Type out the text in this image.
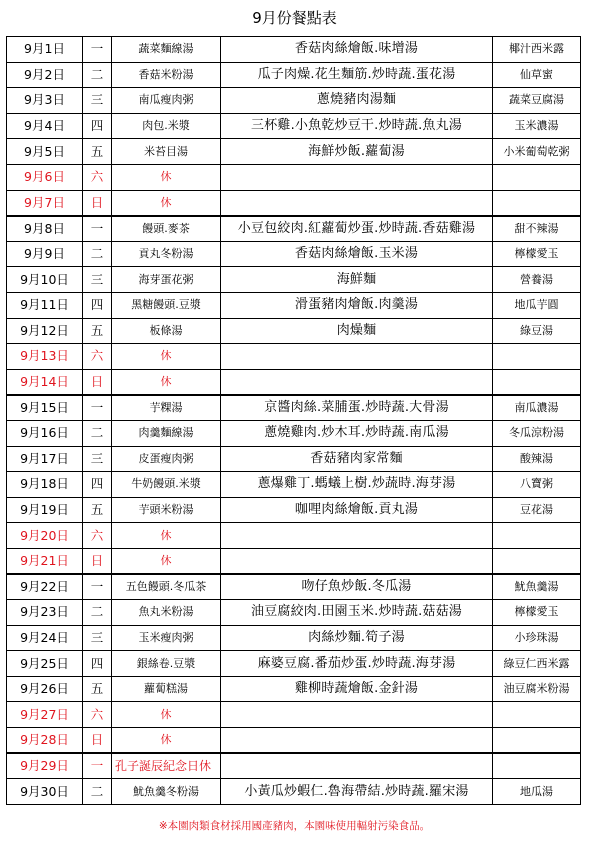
9月份餐點表
9月1日	一	蔬菜麵線湯	香菇肉絲燴飯.味增湯	椰汁西米露
9月2日	二	香菇米粉湯	瓜子肉燥.花生麵筋.炒時蔬.蛋花湯	仙草蜜
9月3日	三	南瓜瘦肉粥	蔥燒豬肉湯麵	蔬菜豆腐湯
9月4日	四	肉包.米漿	三杯雞.小魚乾炒豆干.炒時蔬.魚丸湯	玉米濃湯
9月5日	五	米苔目湯	海鮮炒飯.蘿蔔湯	小米葡萄乾粥
9月6日	六	休		
9月7日	日	休		
9月8日	一	饅頭.麥茶	小豆包絞肉.紅蘿蔔炒蛋.炒時蔬.香菇雞湯	甜不辣湯
9月9日	二	貢丸冬粉湯	香菇肉絲燴飯.玉米湯	檸檬愛玉
9月10日	三	海芽蛋花粥	海鮮麵	營養湯
9月11日	四	黑糖饅頭.豆漿	滑蛋豬肉燴飯.肉羹湯	地瓜芋圓
9月12日	五	板條湯	肉燥麵	綠豆湯
9月13日	六	休		
9月14日	日	休		
9月15日	一	芋粿湯	京醬肉絲.菜脯蛋.炒時蔬.大骨湯	南瓜濃湯
9月16日	二	肉羹麵線湯	蔥燒雞肉.炒木耳.炒時蔬.南瓜湯	冬瓜涼粉湯
9月17日	三	皮蛋瘦肉粥	香菇豬肉家常麵	酸辣湯
9月18日	四	牛奶饅頭.米漿	蔥爆雞丁.螞蟻上樹.炒蔬時.海芽湯	八寶粥
9月19日	五	芋頭米粉湯	咖哩肉絲燴飯.貢丸湯	豆花湯
9月20日	六	休		
9月21日	日	休		
9月22日	一	五色饅頭.冬瓜茶	吻仔魚炒飯.冬瓜湯	魷魚羹湯
9月23日	二	魚丸米粉湯	油豆腐絞肉.田園玉米.炒時蔬.菇菇湯	檸檬愛玉
9月24日	三	玉米瘦肉粥	肉絲炒麵.筍子湯	小珍珠湯
9月25日	四	銀絲卷.豆漿	麻婆豆腐.番茄炒蛋.炒時蔬.海芽湯	綠豆仁西米露
9月26日	五	蘿蔔糕湯	雞柳時蔬燴飯.金針湯	油豆腐米粉湯
9月27日	六	休		
9月28日	日	休		
9月29日	一	孔子誕辰紀念日休		
9月30日	二	魷魚羹冬粉湯	小黃瓜炒蝦仁.魯海帶結.炒時蔬.羅宋湯	地瓜湯
※本園肉類食材採用國產豬肉，本園味使用輻射污染食品。
